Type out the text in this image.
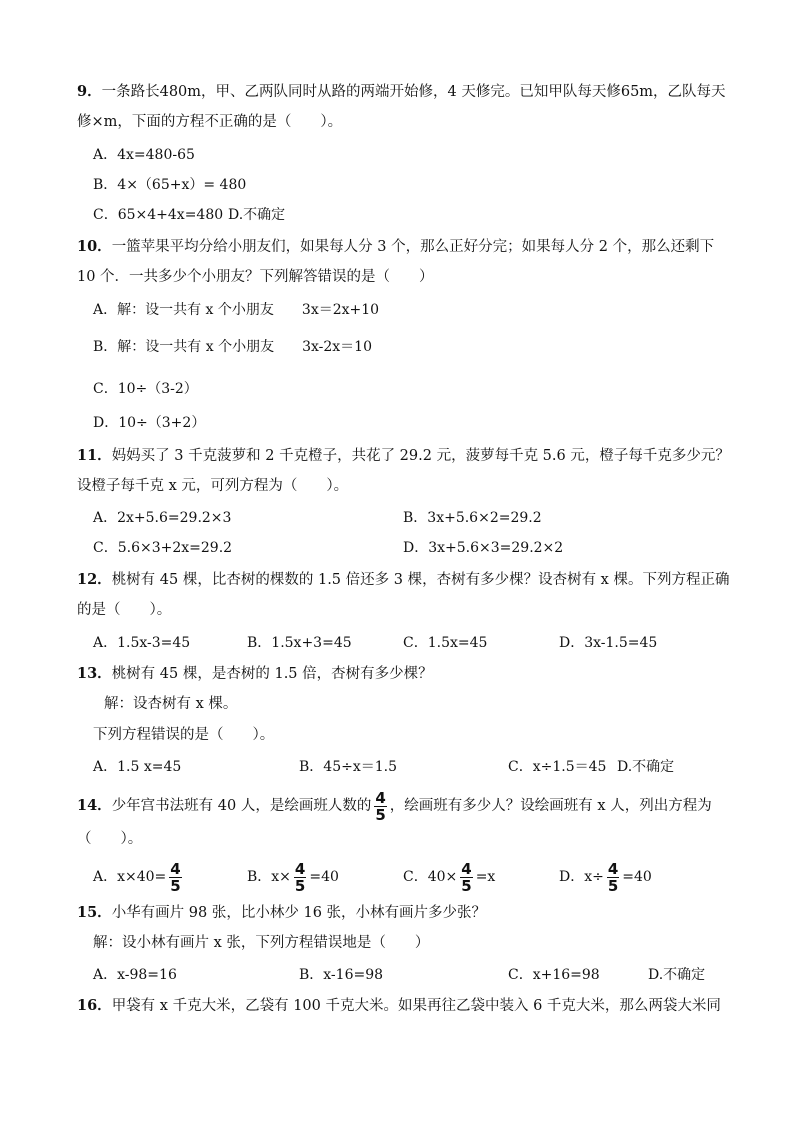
9．一条路长480m，甲、乙两队同时从路的两端开始修，4 天修完。已知甲队每天修65m，乙队每天
修×m，下面的方程不正确的是（　　）。
A．4x=480-65
B．4×（65+x）= 480
C．65×4+4x=480 D.不确定
10．一篮苹果平均分给小朋友们，如果每人分 3 个，那么正好分完；如果每人分 2 个，那么还剩下
10 个．一共多少个小朋友？下列解答错误的是（　　）
A．解：设一共有 x 个小朋友　　3x＝2x+10
B．解：设一共有 x 个小朋友　　3x-2x＝10
C．10÷（3-2）
D．10÷（3+2）
11．妈妈买了 3 千克菠萝和 2 千克橙子，共花了 29.2 元，菠萝每千克 5.6 元，橙子每千克多少元？
设橙子每千克 x 元，可列方程为（　　）。
A．2x+5.6=29.2×3	B．3x+5.6×2=29.2
C．5.6×3+2x=29.2	D．3x+5.6×3=29.2×2
12．桃树有 45 棵，比杏树的棵数的 1.5 倍还多 3 棵，杏树有多少棵？设杏树有 x 棵。下列方程正确
的是（　　）。
A．1.5x-3=45	B．1.5x+3=45	C．1.5x=45	D．3x-1.5=45
13．桃树有 45 棵，是杏树的 1.5 倍，杏树有多少棵？
解：设杏树有 x 棵。
下列方程错误的是（　　）。
A．1.5 x=45	B．45÷x＝1.5	C．x÷1.5＝45 D.不确定
14．少年宫书法班有 40 人，是绘画班人数的 $\frac{4}{5}$ ，绘画班有多少人？设绘画班有 x 人，列出方程为
（　　）。
A．$x\times 40= \frac{4}{5}$	B．$x\times \frac{4}{5} =40$	C．$40\times \frac{4}{5} =x$	D．$x\div \frac{4}{5} =40$
15．小华有画片 98 张，比小林少 16 张，小林有画片多少张？
解：设小林有画片 x 张，下列方程错误地是（　　）
A．x-98=16	B．x-16=98	C．x+16=98	D.不确定
16．甲袋有 x 千克大米，乙袋有 100 千克大米。如果再往乙袋中装入 6 千克大米，那么两袋大米同
